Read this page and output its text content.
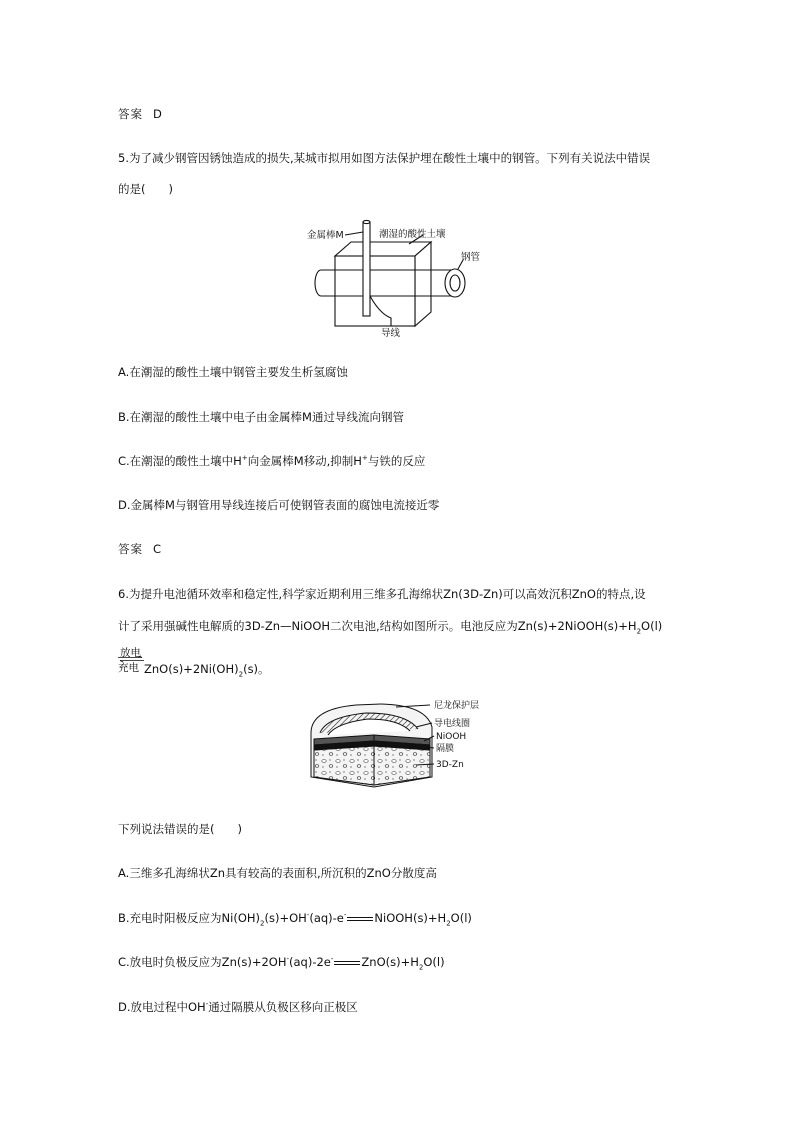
答案 D
5.为了减少钢管因锈蚀造成的损失,某城市拟用如图方法保护埋在酸性土壤中的钢管。下列有关说法中错误
的是(　　)
金属棒M	潮湿的酸性土壤
钢管
导线
A.在潮湿的酸性土壤中钢管主要发生析氢腐蚀
B.在潮湿的酸性土壤中电子由金属棒M通过导线流向钢管
C.在潮湿的酸性土壤中H+向金属棒M移动,抑制H+与铁的反应
D.金属棒M与钢管用导线连接后可使钢管表面的腐蚀电流接近零
答案 C
6.为提升电池循环效率和稳定性,科学家近期利用三维多孔海绵状Zn(3D-Zn)可以高效沉积ZnO的特点,设
计了采用强碱性电解质的3D-Zn—NiOOH二次电池,结构如图所示。电池反应为$Zn(s)+2NiOOH(s)+H_2O(l)$
放电
充电 $ZnO(s)+2Ni(OH)_2(s)$。
尼龙保护层
导电线圈
NiOOH
隔膜
3D-Zn
下列说法错误的是(　　)
A.三维多孔海绵状Zn具有较高的表面积,所沉积的ZnO分散度高
B.充电时阳极反应为$Ni(OH)_2(s)+OH^-(aq)-e^-$ $NiOOH(s)+H_2O(l)$
C.放电时负极反应为Zn(s)+2OH-(aq)-2e- $ZnO(s)+H_2O(l)$
D.放电过程中OH-通过隔膜从负极区移向正极区
